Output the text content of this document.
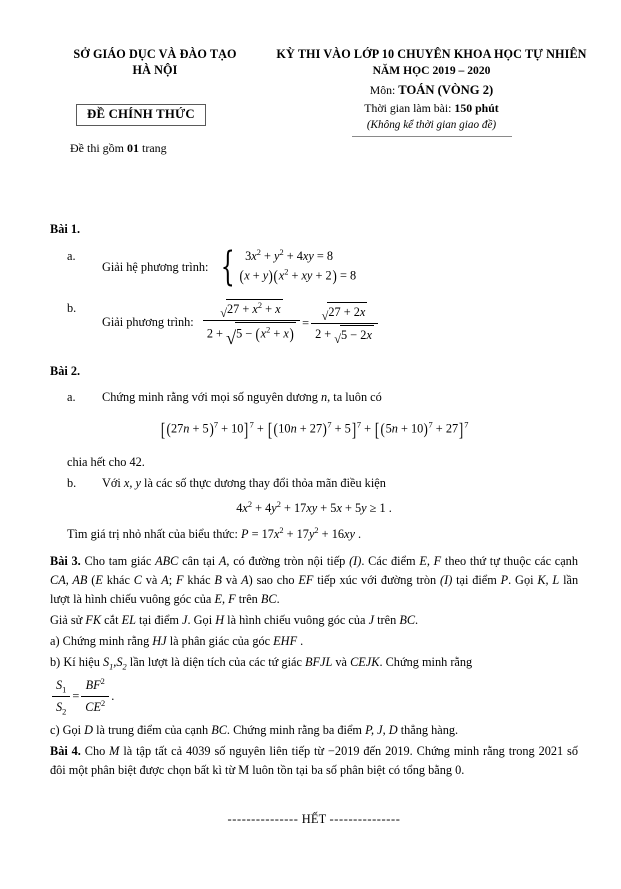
SỞ GIÁO DỤC VÀ ĐÀO TẠO
HÀ NỘI
KỲ THI VÀO LỚP 10 CHUYÊN KHOA HỌC TỰ NHIÊN
NĂM HỌC 2019 – 2020
Môn: TOÁN (VÒNG 2)
Thời gian làm bài: 150 phút
(Không kể thời gian giao đề)
ĐỀ CHÍNH THỨC
Đề thi gồm 01 trang
Bài 1.
a.
Giải hệ phương trình: { $3x^2 + y^2 + 4xy = 8$
$(x + y)(x^2$ + xy + 2) = 8
b.
Giải phương trình: $\frac{√ 27 + x^2 + x}{2 + √ 5 - (x^2 + x)} = \frac{√ 27 + 2x}{2 + √ 5 - 2x}$
Bài 2.
a.	Chứng minh rằng với mọi số nguyên dương n, ta luôn có
$[(27n + 5)^7 + 10]^7 + [(10n + 27)^7 + 5]^7 + [(5n + 10)^7 + 27]^7$
chia hết cho 42.
b.	Với x, y là các số thực dương thay đổi thỏa mãn điều kiện
$4x^2 + 4y^2 + 17xy + 5x + 5y \ge 1$ .
Tìm giá trị nhỏ nhất của biểu thức: $P = 17x^2 + 17y^2 + 16xy$ .
Bài 3. Cho tam giác ABC cân tại A, có đường tròn nội tiếp (I). Các điểm E, F theo thứ tự thuộc các cạnh CA, AB (E khác C và A; F khác B và A) sao cho EF tiếp xúc với đường tròn (I) tại điểm P. Gọi K, L lần lượt là hình chiếu vuông góc của E, F trên BC.
Giả sử FK cắt EL tại điểm J. Gọi H là hình chiếu vuông góc của J trên BC.
a) Chứng minh rằng HJ là phân giác của góc EHF .
b) Kí hiệu $S_1,S_2$ lần lượt là diện tích của các tứ giác BFJL và CEJK. Chứng minh rằng
$\frac{S_1}{S_2} = \frac{BF^2}{CE^2}$ .
c) Gọi D là trung điểm của cạnh BC. Chứng minh rằng ba điểm P, J, D thẳng hàng.
Bài 4. Cho M là tập tất cả 4039 số nguyên liên tiếp từ −2019 đến 2019. Chứng minh rằng trong 2021 số đôi một phân biệt được chọn bất kì từ M luôn tồn tại ba số phân biệt có tổng bằng 0.
--------------- HẾT ---------------
